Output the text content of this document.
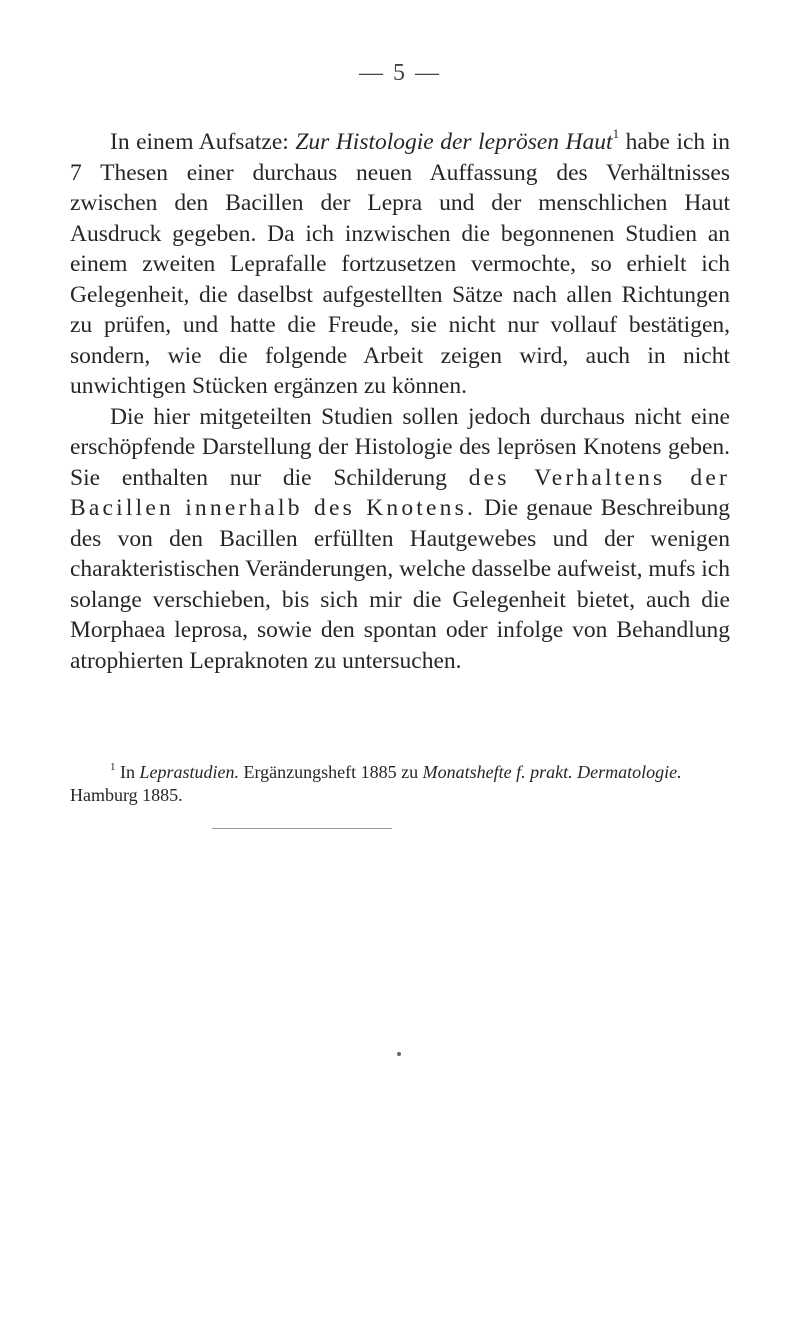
— 5 —

In einem Aufsatze: Zur Histologie der leprösen Haut$^1$ habe ich in 7 Thesen einer durchaus neuen Auffassung des Verhältnisses zwischen den Bacillen der Lepra und der menschlichen Haut Ausdruck gegeben. Da ich inzwischen die begonnenen Studien an einem zweiten Leprafalle fortzusetzen vermochte, so erhielt ich Gelegenheit, die daselbst aufgestellten Sätze nach allen Richtungen zu prüfen, und hatte die Freude, sie nicht nur vollauf bestätigen, sondern, wie die folgende Arbeit zeigen wird, auch in nicht unwichtigen Stücken ergänzen zu können.

Die hier mitgeteilten Studien sollen jedoch durchaus nicht eine erschöpfende Darstellung der Histologie des leprösen Knotens geben. Sie enthalten nur die Schilderung des Verhaltens der Bacillen innerhalb des Knotens. Die genaue Beschreibung des von den Bacillen erfüllten Hautgewebes und der wenigen charakteristischen Veränderungen, welche dasselbe aufweist, mufs ich solange verschieben, bis sich mir die Gelegenheit bietet, auch die Morphaea leprosa, sowie den spontan oder infolge von Behandlung atrophierten Lepraknoten zu untersuchen.

$^1$ In Leprastudien. Ergänzungsheft 1885 zu Monatshefte f. prakt. Dermatologie. Hamburg 1885.
